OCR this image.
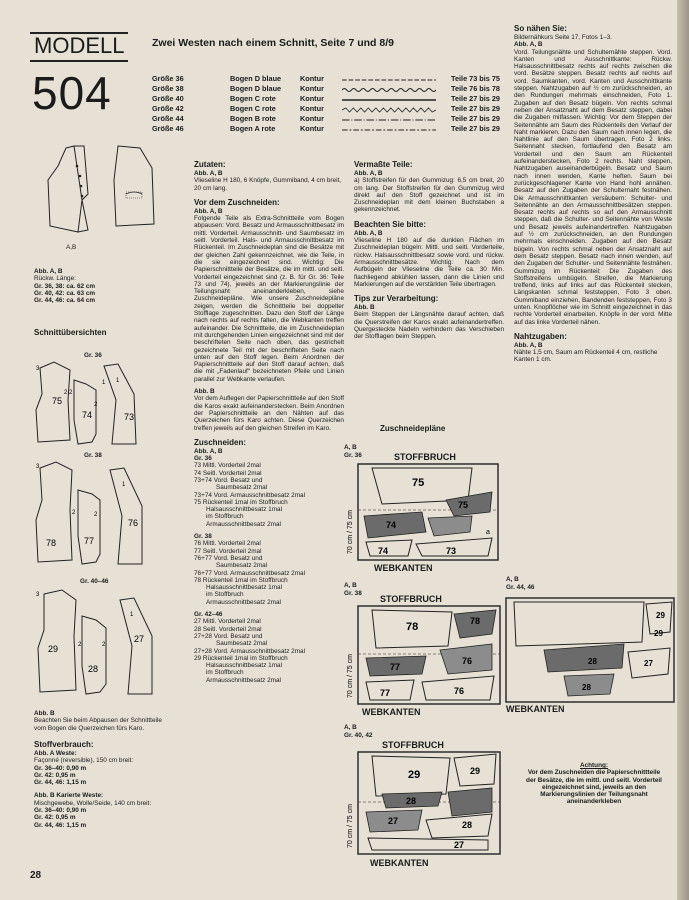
MODELL
504
Zwei Westen nach einem Schnitt, Seite 7 und 8/9
Größe 36	Bogen D blaue	Kontur	Teile 73 bis 75
Größe 38	Bogen D blaue	Kontur	Teile 76 bis 78
Größe 40	Bogen C rote	Kontur	Teile 27 bis 29
Größe 42	Bogen C rote	Kontur	Teile 27 bis 29
Größe 44	Bogen B rote	Kontur	Teile 27 bis 29
Größe 46	Bogen A rote	Kontur	Teile 27 bis 29
A,B
Abb. A, B
Rückw. Länge:
Gr. 36, 38: ca. 62 cm
Gr. 40, 42: ca. 63 cm
Gr. 44, 46: ca. 64 cm
Schnittübersichten
Gr. 36
Gr. 38
Gr. 40–46
75
74	73
3
2 2
1
1
2
78	77
76
3
2	2
1
29
28
27
3
2	2
1
Abb. B
Beachten Sie beim Abpausen der Schnittteile vom Bogen die Querzeichen fürs Karo.
Stoffverbrauch:
Abb. A Weste:
Façonné (reversible), 150 cm breit:
Gr. 36–40: 0,90 m
Gr. 42: 0,95 m
Gr. 44, 46: 1,15 m
Abb. B Karierte Weste:
Mischgewebe, Wolle/Seide, 140 cm breit:
Gr. 36–40: 0,90 m
Gr. 42: 0,95 m
Gr. 44, 46: 1,15 m
Zutaten:
Abb. A, B
Vlieseline H 180, 6 Knöpfe, Gummiband, 4 cm breit, 20 cm lang.
Vor dem Zuschneiden:
Abb. A, B
Folgende Teile als Extra-Schnittteile vom Bogen abpausen: Vord. Besatz und Armausschnittbesatz im mittl. Vorderteil. Armausschnitt- und Saumbesatz im seitl. Vorderteil. Hals- und Armausschnittbesatz im Rückenteil. Im Zuschneideplan sind die Besätze mit der gleichen Zahl gekennzeichnet, wie die Teile, in die sie eingezeichnet sind. Wichtig: Die Papierschnittteile der Besätze, die im mittl. und seitl. Vorderteil eingezeichnet sind (z. B. für Gr. 36: Teile 73 und 74), jeweils an der Markierungslinie der Teilungsnaht aneinanderkleben, siehe Zuschneidepläne. Wie unsere Zuschneidepläne zeigen, werden die Schnittteile bei doppelter Stofflage zugeschnitten. Dazu den Stoff der Länge nach rechts auf rechts falten, die Webkanten treffen aufeinander. Die Schnittteile, die im Zuschneideplan mit durchgehenden Linien eingezeichnet sind mit der beschrifteten Seite nach oben, das gestrichelt gezeichnete Teil mit der beschrifteten Seite nach unten auf den Stoff legen. Beim Anordnen der Papierschnittteile auf den Stoff darauf achten, daß die mit „Fadenlauf“ bezeichneten Pfeile und Linien parallel zur Webkante verlaufen.
Abb. B
Vor dem Auflegen der Papierschnittteile auf den Stoff die Karos exakt aufeinanderstecken. Beim Anordnen der Papierschnittteile an den Nähten auf das Querzeichen fürs Karo achten. Diese Querzeichen treffen jeweils auf den gleichen Streifen im Karo.
Zuschneiden:
Abb. A, B
Gr. 36
73 Mittl. Vorderteil 2mal
74 Seitl. Vorderteil 2mal
73+74 Vord. Besatz und
Saumbesatz 2mal
73+74 Vord. Armausschnittbesatz 2mal
75 Rückenteil 1mal im Stoffbruch
Halsausschnittbesatz 1mal
im Stoffbruch
Armausschnittbesatz 2mal
Gr. 38
76 Mittl. Vorderteil 2mal
77 Seitl. Vorderteil 2mal
76+77 Vord. Besatz und
Saumbesatz 2mal
76+77 Vord. Armausschnittbesatz 2mal
78 Rückenteil 1mal im Stoffbruch
Halsausschnittbesatz 1mal
im Stoffbruch
Armausschnittbesatz 2mal
Gr. 42–46
27 Mittl. Vorderteil 2mal
28 Seitl. Vorderteil 2mal
27+28 Vord. Besatz und
Saumbesatz 2mal
27+28 Vord. Armausschnittbesatz 2mal
29 Rückenteil 1mal im Stoffbruch
Halsausschnittbesatz 1mal
im Stoffbruch
Armausschnittbesatz 2mal
Vermaßte Teile:
Abb. A, B
a) Stoffstreifen für den Gummizug: 6,5 cm breit, 20 cm lang. Der Stoffstreifen für den Gummizug wird direkt auf den Stoff gezeichnet und ist im Zuschneideplan mit dem kleinen Buchstaben a gekennzeichnet.
Beachten Sie bitte:
Abb. A, B
Vlieseline H 180 auf die dunklen Flächen im Zuschneideplan bügeln: Mittl. und seitl. Vorderteile, rückw. Halsausschnittbesatz sowie vord. und rückw. Armausschnittbesätze. Wichtig: Nach dem Aufbügeln der Vlieseline die Teile ca. 30 Min. flachliegend abkühlen lassen, dann die Linien und Markierungen auf die verstärkten Teile übertragen.
Tips zur Verarbeitung:
Abb. B
Beim Steppen der Längsnähte darauf achten, daß die Querstreifen der Karos exakt aufeinandertreffen. Quergesteckte Nadeln verhindern das Verschieben der Stofflagen beim Steppen.
Zuschneidepläne
A, B
Gr. 36	STOFFBRUCH
WEBKANTEN
75
75
74
74	73
a
70 cm / 75 cm
A, B
Gr. 38
STOFFBRUCH
WEBKANTEN
78	78
77
77
76
76
70 cm / 75 cm
A, B
Gr. 40, 42
STOFFBRUCH
WEBKANTEN
29	29
28
27	28
27
70 cm / 75 cm
A, B
Gr. 44, 46
WEBKANTEN
29
29
28	27
28
So nähen Sie:
Bildernähkurs Seite 17, Fotos 1–3.
Abb. A, B
Vord. Teilungsnähte und Schulternähte steppen. Vord. Kanten und Ausschnittkante: Rückw. Halsausschnittbesatz rechts auf rechts zwischen die vord. Besätze steppen. Besatz rechts auf rechts auf vord. Saumkanten, vord. Kanten und Ausschnittkante steppen. Nahtzugaben auf ½ cm zurückschneiden, an den Rundungen mehrmals einschneiden, Foto 1. Zugaben auf den Besatz bügeln. Von rechts schmal neben der Ansatznaht auf dem Besatz steppen, dabei die Zugaben mitfassen. Wichtig: Vor dem Steppen der Seitennähte am Saum des Rückenteils den Verlauf der Naht markieren. Dazu den Saum nach innen legen, die Nahtlinie auf den Saum übertragen, Foto 2 links. Seitennaht stecken, fortlaufend den Besatz am Vorderteil und den Saum am Rückenteil aufeinanderstecken, Foto 2 rechts. Naht steppen, Nahtzugaben auseinanderbügeln. Besatz und Saum nach innen wenden, Kante heften. Saum bei zurückgeschlagener Kante von Hand hohl annähen. Besatz auf den Zugaben der Schulternaht festnähen. Die Armausschnittkanten versäubern: Schulter- und Seitennähte an den Armausschnittbesätzen steppen. Besatz rechts auf rechts so auf den Armausschnitt steppen, daß die Schulter- und Seitennähte von Weste und Besatz jeweils aufeinandertreffen. Nahtzugaben auf ½ cm zurückschneiden, an den Rundungen mehrmals einschneiden. Zugaben auf den Besatz bügeln. Von rechts schmal neben der Ansatznaht auf dem Besatz steppen. Besatz nach innen wenden, auf den Zugaben der Schulter- und Seitennähte festnähen. Gummizug im Rückenteil: Die Zugaben des Stoffstreifens umbügeln. Streifen, die Markierung treffend, links auf links auf das Rückenteil stecken, Längskanten schmal feststeppen, Foto 3 oben. Gummiband einziehen, Bandenden feststeppen, Foto 3 unten. Knopflöcher wie im Schnitt eingezeichnet in das rechte Vorderteil einarbeiten. Knöpfe in der vord. Mitte auf das linke Vorderteil nähen.
Nahtzugaben:
Abb. A, B
Nähte 1,5 cm, Saum am Rückenteil 4 cm, restliche Kanten 1 cm.
Achtung:
Vor dem Zuschneiden die Papierschnittteile der Besätze, die im mittl. und seitl. Vorderteil eingezeichnet sind, jeweils an den Markierungslinien der Teilungsnaht aneinanderkleben
28
